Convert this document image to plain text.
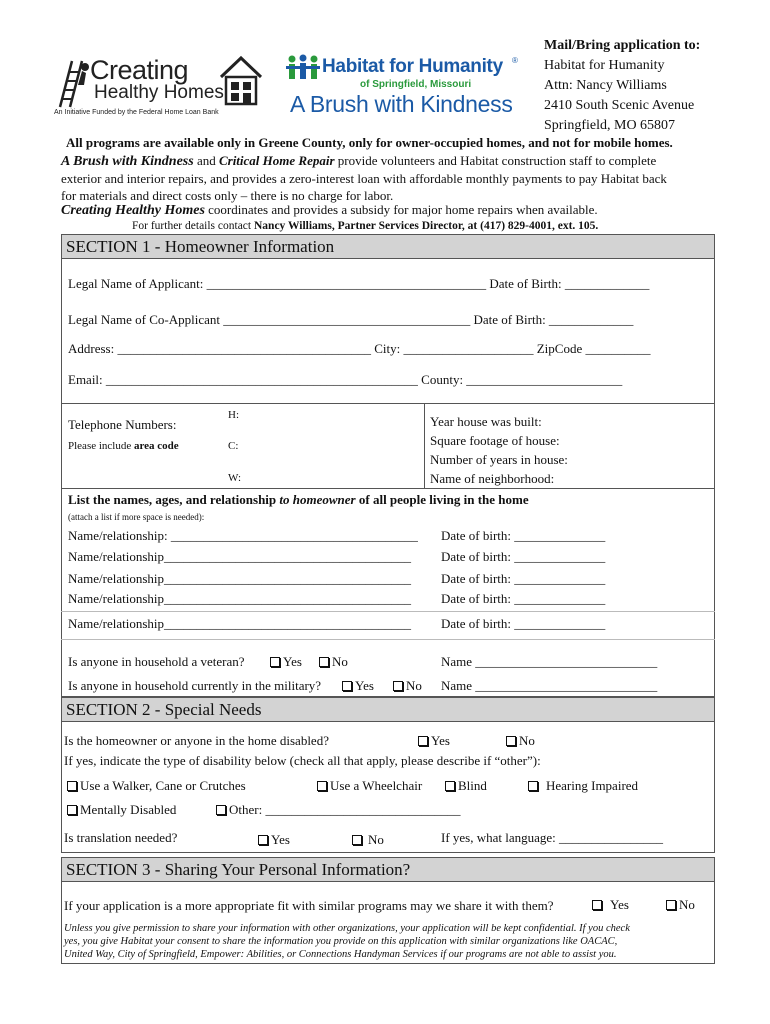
Creating
Healthy Homes
An Initiative Funded by the Federal Home Loan Bank
Habitat for Humanity ®
of Springfield, Missouri
A Brush with Kindness
Mail/Bring application to:
Habitat for Humanity
Attn: Nancy Williams
2410 South Scenic Avenue
Springfield, MO 65807
All programs are available only in Greene County, only for owner-occupied homes, and not for mobile homes.
A Brush with Kindness and Critical Home Repair provide volunteers and Habitat construction staff to complete
exterior and interior repairs, and provides a zero-interest loan with affordable monthly payments to pay Habitat back
for materials and direct costs only – there is no charge for labor.
Creating Healthy Homes coordinates and provides a subsidy for major home repairs when available.
For further details contact Nancy Williams, Partner Services Director, at (417) 829-4001, ext. 105.
SECTION 1 - Homeowner Information
Legal Name of Applicant: ___________________________________________ Date of Birth: _____________
Legal Name of Co-Applicant ______________________________________ Date of Birth: _____________
Address: _______________________________________ City: ____________________ ZipCode __________
Email: ________________________________________________ County: ________________________
Telephone Numbers:
Please include area code
H:
C:
W:
Year house was built:
Square footage of house:
Number of years in house:
Name of neighborhood:
List the names, ages, and relationship to homeowner of all people living in the home
(attach a list if more space is needed):
Name/relationship: ______________________________________ Date of birth: ______________
Name/relationship______________________________________ Date of birth: ______________
Name/relationship______________________________________ Date of birth: ______________
Name/relationship______________________________________ Date of birth: ______________
Name/relationship______________________________________ Date of birth: ______________
Is anyone in household a veteran?	Yes	No	Name ____________________________
Is anyone in household currently in the military?	Yes	No Name ____________________________
SECTION 2 - Special Needs
Is the homeowner or anyone in the home disabled?	Yes	No
If yes, indicate the type of disability below (check all that apply, please describe if “other”):
Use a Walker, Cane or Crutches	Use a Wheelchair	Blind	Hearing Impaired
Mentally Disabled	Other: ______________________________
Is translation needed?	Yes	No	If yes, what language: ________________
SECTION 3 - Sharing Your Personal Information?
If your application is a more appropriate fit with similar programs may we share it with them?	Yes	No
Unless you give permission to share your information with other organizations, your application will be kept confidential. If you check
yes, you give Habitat your consent to share the information you provide on this application with similar organizations like OACAC,
United Way, City of Springfield, Empower: Abilities, or Connections Handyman Services if our programs are not able to assist you.
